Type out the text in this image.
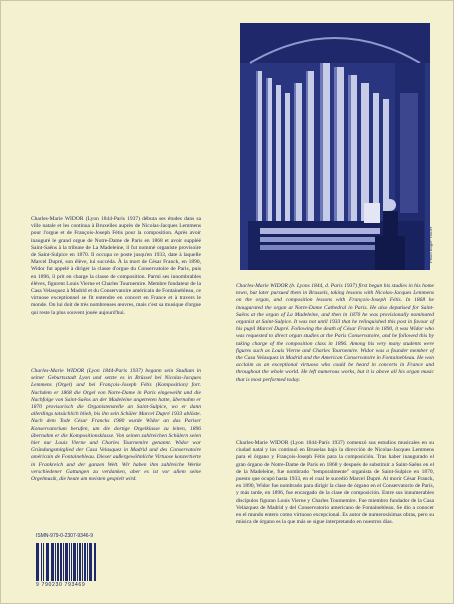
Charles-Marie WIDOR (Lyon 1844-Paris 1937) débuta ses études dans sa ville natale et les continua à Bruxelles auprès de Nicolas-Jacques Lemmens pour l'orgue et de François-Joseph Fétis pour la composition. Après avoir inauguré le grand orgue de Notre-Dame de Paris en 1868 et avoir suppléé Saint-Saëns à la tribune de La Madeleine, il fut nommé organiste provisoire de Saint-Sulpice en 1870. Il occupa ce poste jusqu'en 1933, date à laquelle Marcel Dupré, son élève, lui succéda. À la mort de César Franck, en 1890, Widor fut appelé à diriger la classe d'orgue du Conservatoire de Paris, puis en 1896, il prit en charge la classe de composition. Parmi ses innombrables élèves, figurent Louis Vierne et Charles Tournemire. Membre fondateur de la Casa Velasquez à Madrid et du Conservatoire américain de Fontainebleau, ce virtuose exceptionnel se fit entendre en concert en France et à travers le monde. On lui doit de très nombreuses œuvres, mais c'est sa musique d'orgue qui reste la plus souvent jouée aujourd'hui.

Charles-Marie WIDOR (Lyon 1844-Paris 1937) begann sein Studium in seiner Geburtsstadt Lyon und setzte es in Brüssel bei Nicolas-Jacques Lemmens (Orgel) und bei François-Joseph Fétis (Komposition) fort. Nachdem er 1868 die Orgel von Notre-Dame in Paris eingeweiht und die Nachfolge von Saint-Saëns an der Madeleine angetreten hatte, übernahm er 1870 provisorisch die Organistenstelle an Saint-Sulpice, wo er dann allerdings tatsächlich blieb, bis ihn sein Schüler Marcel Dupré 1933 ablöste. Nach dem Tode César Francks 1980 wurde Widor an das Pariser Konservatorium berufen, um die dortige Orgelklasse zu leiten, 1896 übernahm er die Kompositionsklasse. Von seinen zahlreichen Schülern seien hier nur Louis Vierne und Charles Tournemire genannt. Widor war Gründungsmitglied der Casa Velasquez in Madrid und des Conservatoire américain de Fontainebleau. Dieser außergewöhnliche Virtuose konzertierte in Frankreich und der ganzen Welt. Wir haben ihm zahlreiche Werke verschiedener Gattungen zu verdanken, aber es ist vor allem seine Orgelmusik, die heute am meisten gespielt wird.

Photo Roger-Viollet

Charles-Marie WIDOR (b. Lyons 1844, d. Paris 1937) first began his studies in his home town, but later pursued them in Brussels, taking lessons with Nicolas-Jacques Lemmens on the organ, and composition lessons with François-Joseph Fétis. In 1868 he inaugurated the organ at Notre-Dame Cathedral in Paris. He also deputised for Saint-Saëns at the organ of La Madeleine, and then in 1870 he was provisionally nominated organist at Saint-Sulpice. It was not until 1933 that he relinquished this post in favour of his pupil Marcel Dupré. Following the death of César Franck in 1890, it was Widor who was requested to direct organ studies at the Paris Conservatoire, and he followed this by taking charge of the composition class in 1896. Among his very many students were figures such as Louis Vierne and Charles Tournemire. Widor was a founder member of the Casa Velasquez in Madrid and the American Conservatoire in Fontainebleau. He won acclaim as an exceptional virtuoso who could be heard in concerts in France and throughout the whole world. He left numerous works, but it is above all his organ music that is most performed today.

Charles-Marie WIDOR (Lyon 1844-París 1937) comenzó sus estudios musicales en su ciudad natal y los continuó en Bruselas bajo la dirección de Nicolas-Jacques Lemmens para el órgano y François-Joseph Fétis para la composición. Tras haber inaugurado el gran órgano de Notre-Dame de París en 1868 y después de substituir a Saint-Saëns en el de la Madeleine, fue nombrado "temporalmente" organista de Saint-Sulpice en 1870, puesto que ocupó hasta 1933, en el cual le sucedió Marcel Dupré. Al morir César Franck, en 1890, Widor fue nombrado para dirigir la clase de órgano en el Conservatorio de París, y más tarde, en 1896, fue encargado de la clase de composición. Entre sus innumerables discípulos figuran Louis Vierne y Charles Tournemire. Fue miembro fundador de la Casa Velázquez de Madrid y del Conservatorio americano de Fontainebleau. Se dio a conocer en el mundo entero como virtuoso excepcional. Es autor de numerosísimas obras, pero su música de órgano es la que más se sigue interpretando en nuestros días.

ISMN-979-0-2307-9346-9
9 790230 793469
